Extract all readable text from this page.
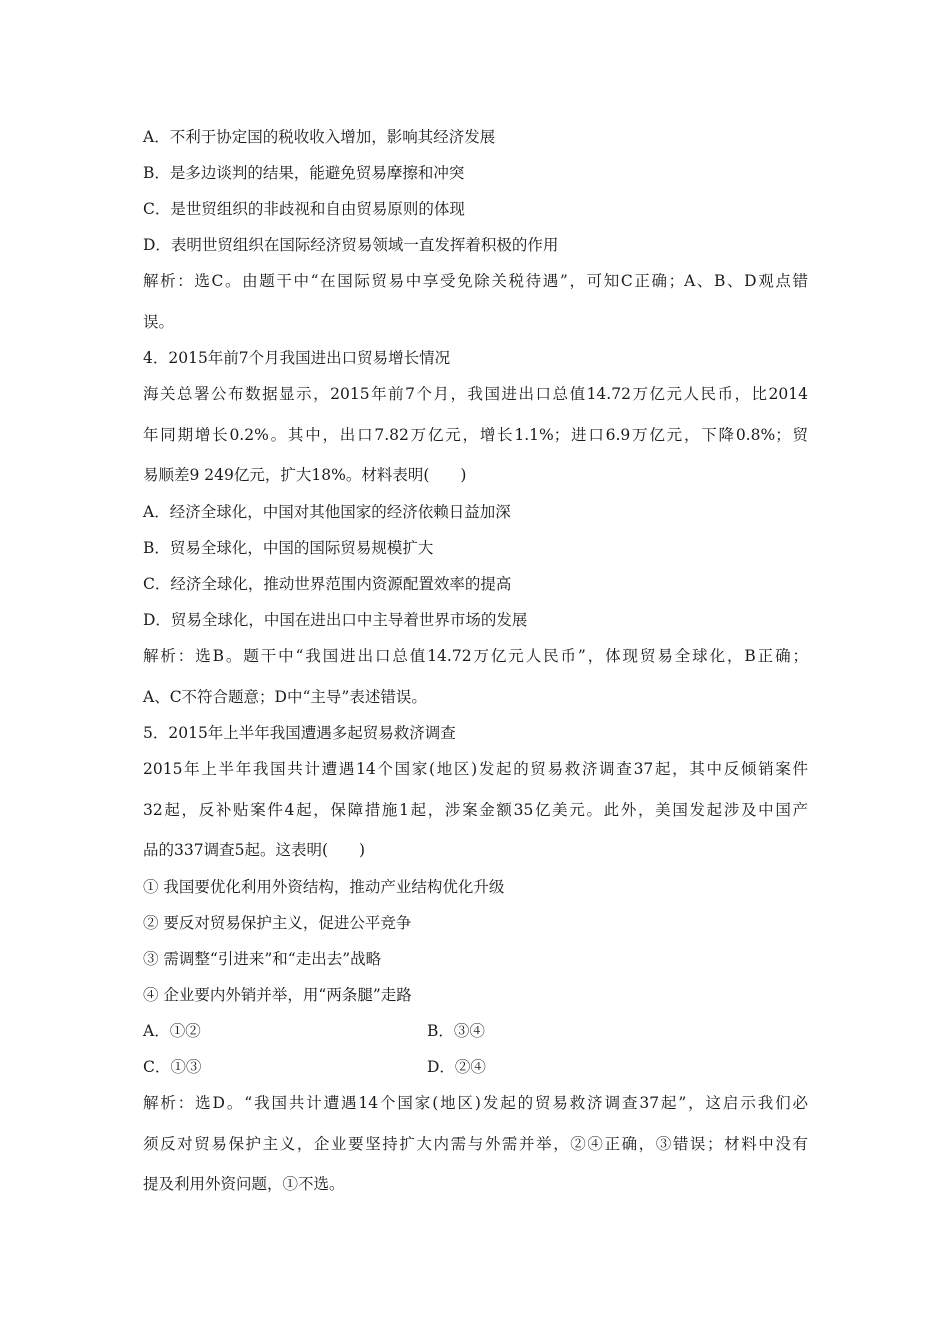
A．不利于协定国的税收收入增加，影响其经济发展
B．是多边谈判的结果，能避免贸易摩擦和冲突
C．是世贸组织的非歧视和自由贸易原则的体现
D．表明世贸组织在国际经济贸易领域一直发挥着积极的作用
解析：选C。由题干中“在国际贸易中享受免除关税待遇”，可知C正确；A、B、D观点错
误。
4．2015年前7个月我国进出口贸易增长情况
海关总署公布数据显示，2015年前7个月，我国进出口总值14.72万亿元人民币，比2014
年同期增长0.2%。其中，出口7.82万亿元，增长1.1%；进口6.9万亿元，下降0.8%；贸
易顺差9 249亿元，扩大18%。材料表明(　　)
A．经济全球化，中国对其他国家的经济依赖日益加深
B．贸易全球化，中国的国际贸易规模扩大
C．经济全球化，推动世界范围内资源配置效率的提高
D．贸易全球化，中国在进出口中主导着世界市场的发展
解析：选B。题干中“我国进出口总值14.72万亿元人民币”，体现贸易全球化，B正确；
A、C不符合题意；D中“主导”表述错误。
5．2015年上半年我国遭遇多起贸易救济调查
2015年上半年我国共计遭遇14个国家(地区)发起的贸易救济调查37起，其中反倾销案件
32起，反补贴案件4起，保障措施1起，涉案金额35亿美元。此外，美国发起涉及中国产
品的337调查5起。这表明(　　)
① 我国要优化利用外资结构，推动产业结构优化升级
② 要反对贸易保护主义，促进公平竞争
③ 需调整“引进来”和“走出去”战略
④ 企业要内外销并举，用“两条腿”走路
A．①②	B．③④
C．①③	D．②④
解析：选D。“我国共计遭遇14个国家(地区)发起的贸易救济调查37起”，这启示我们必
须反对贸易保护主义，企业要坚持扩大内需与外需并举，②④正确，③错误；材料中没有
提及利用外资问题，①不选。
